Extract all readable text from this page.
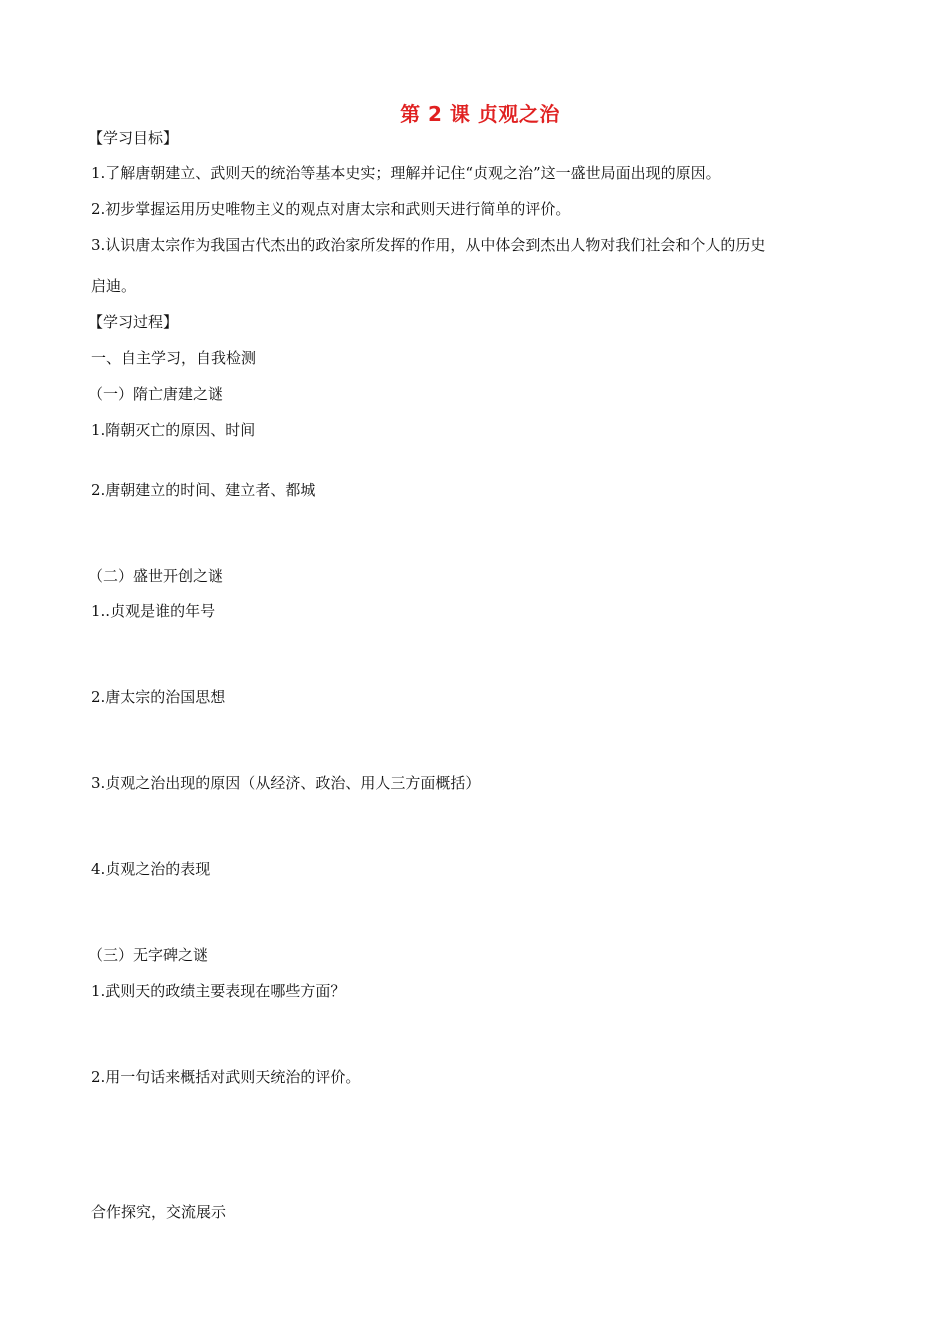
第 2 课 贞观之治
【学习目标】
1.了解唐朝建立、武则天的统治等基本史实；理解并记住“贞观之治”这一盛世局面出现的原因。
2.初步掌握运用历史唯物主义的观点对唐太宗和武则天进行简单的评价。
3.认识唐太宗作为我国古代杰出的政治家所发挥的作用，从中体会到杰出人物对我们社会和个人的历史
启迪。
【学习过程】
一、自主学习，自我检测
（一）隋亡唐建之谜
1.隋朝灭亡的原因、时间
2.唐朝建立的时间、建立者、都城
（二）盛世开创之谜
1..贞观是谁的年号
2.唐太宗的治国思想
3.贞观之治出现的原因（从经济、政治、用人三方面概括）
4.贞观之治的表现
（三）无字碑之谜
1.武则天的政绩主要表现在哪些方面？
2.用一句话来概括对武则天统治的评价。
合作探究，交流展示
